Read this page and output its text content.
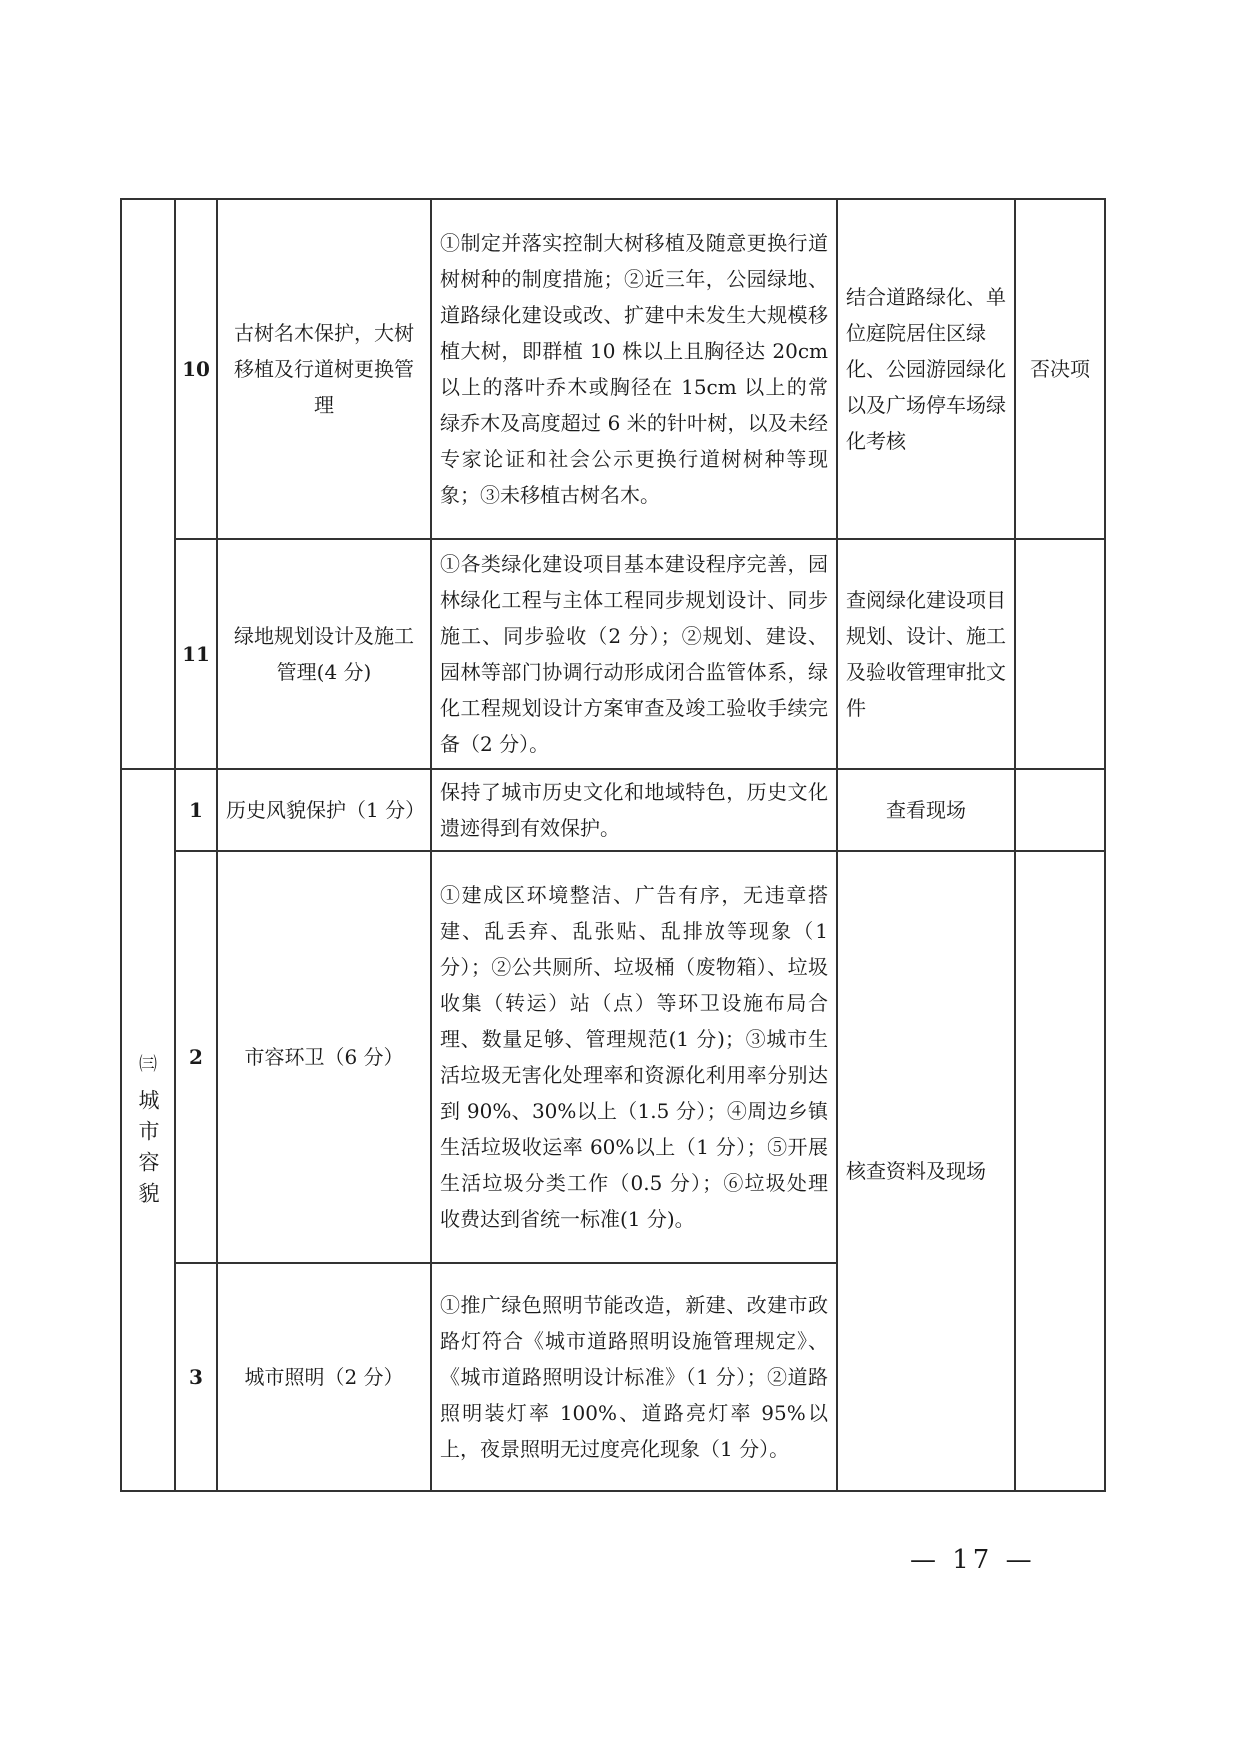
	10	古树名木保护，大树移植及行道树更换管理	①制定并落实控制大树移植及随意更换行道树树种的制度措施；②近三年，公园绿地、道路绿化建设或改、扩建中未发生大规模移植大树，即群植 10 株以上且胸径达 20cm 以上的落叶乔木或胸径在 15cm 以上的常绿乔木及高度超过 6 米的针叶树，以及未经专家论证和社会公示更换行道树树种等现象；③未移植古树名木。	结合道路绿化、单位庭院居住区绿化、公园游园绿化以及广场停车场绿化考核	否决项
	11	绿地规划设计及施工管理(4 分)	①各类绿化建设项目基本建设程序完善，园林绿化工程与主体工程同步规划设计、同步施工、同步验收（2 分）；②规划、建设、园林等部门协调行动形成闭合监管体系，绿化工程规划设计方案审查及竣工验收手续完备（2 分）。	查阅绿化建设项目规划、设计、施工及验收管理审批文件	

㈢
城市容貌	1	历史风貌保护（1 分）	保持了城市历史文化和地域特色，历史文化遗迹得到有效保护。	查看现场	
	2	市容环卫（6 分）	①建成区环境整洁、广告有序，无违章搭建、乱丢弃、乱张贴、乱排放等现象（1 分）；②公共厕所、垃圾桶（废物箱）、垃圾收集（转运）站（点）等环卫设施布局合理、数量足够、管理规范(1 分)；③城市生活垃圾无害化处理率和资源化利用率分别达到 90%、30%以上（1.5 分）；④周边乡镇生活垃圾收运率 60%以上（1 分）；⑤开展生活垃圾分类工作（0.5 分）；⑥垃圾处理收费达到省统一标准(1 分)。	核查资料及现场	
	3	城市照明（2 分）	①推广绿色照明节能改造，新建、改建市政路灯符合《城市道路照明设施管理规定》、《城市道路照明设计标准》（1 分）；②道路照明装灯率 100%、道路亮灯率 95%以上，夜景照明无过度亮化现象（1 分）。		
— 17 —
